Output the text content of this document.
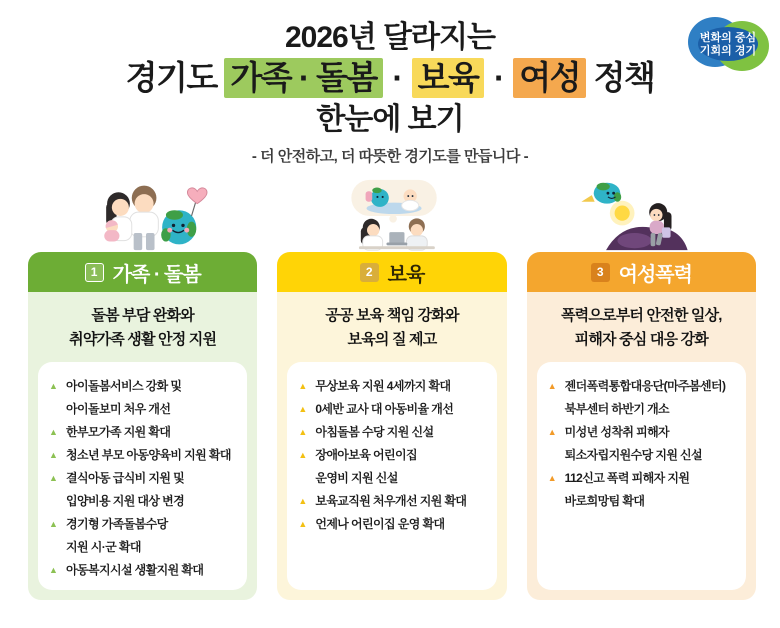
변화의 중심
기회의 경기
2026년 달라지는
경기도 가족 · 돌봄 · 보육 · 여성 정책
한눈에 보기
- 더 안전하고, 더 따뜻한 경기도를 만듭니다 -
1 가족 · 돌봄
돌봄 부담 완화와
취약가족 생활 안정 지원
▲ 아이돌봄서비스 강화 및
아이돌보미 처우 개선
▲ 한부모가족 지원 확대
▲ 청소년 부모 아동양육비 지원 확대
▲ 결식아동 급식비 지원 및
입양비용 지원 대상 변경
▲ 경기형 가족돌봄수당
지원 시·군 확대
▲ 아동복지시설 생활지원 확대
2 보육
공공 보육 책임 강화와
보육의 질 제고
▲ 무상보육 지원 4세까지 확대
▲ 0세반 교사 대 아동비율 개선
▲ 아침돌봄 수당 지원 신설
▲ 장애아보육 어린이집
운영비 지원 신설
▲ 보육교직원 처우개선 지원 확대
▲ 언제나 어린이집 운영 확대
3 여성폭력
폭력으로부터 안전한 일상,
피해자 중심 대응 강화
▲ 젠더폭력통합대응단(마주봄센터)
북부센터 하반기 개소
▲ 미성년 성착취 피해자
퇴소자립지원수당 지원 신설
▲ 112신고 폭력 피해자 지원
바로희망팀 확대
